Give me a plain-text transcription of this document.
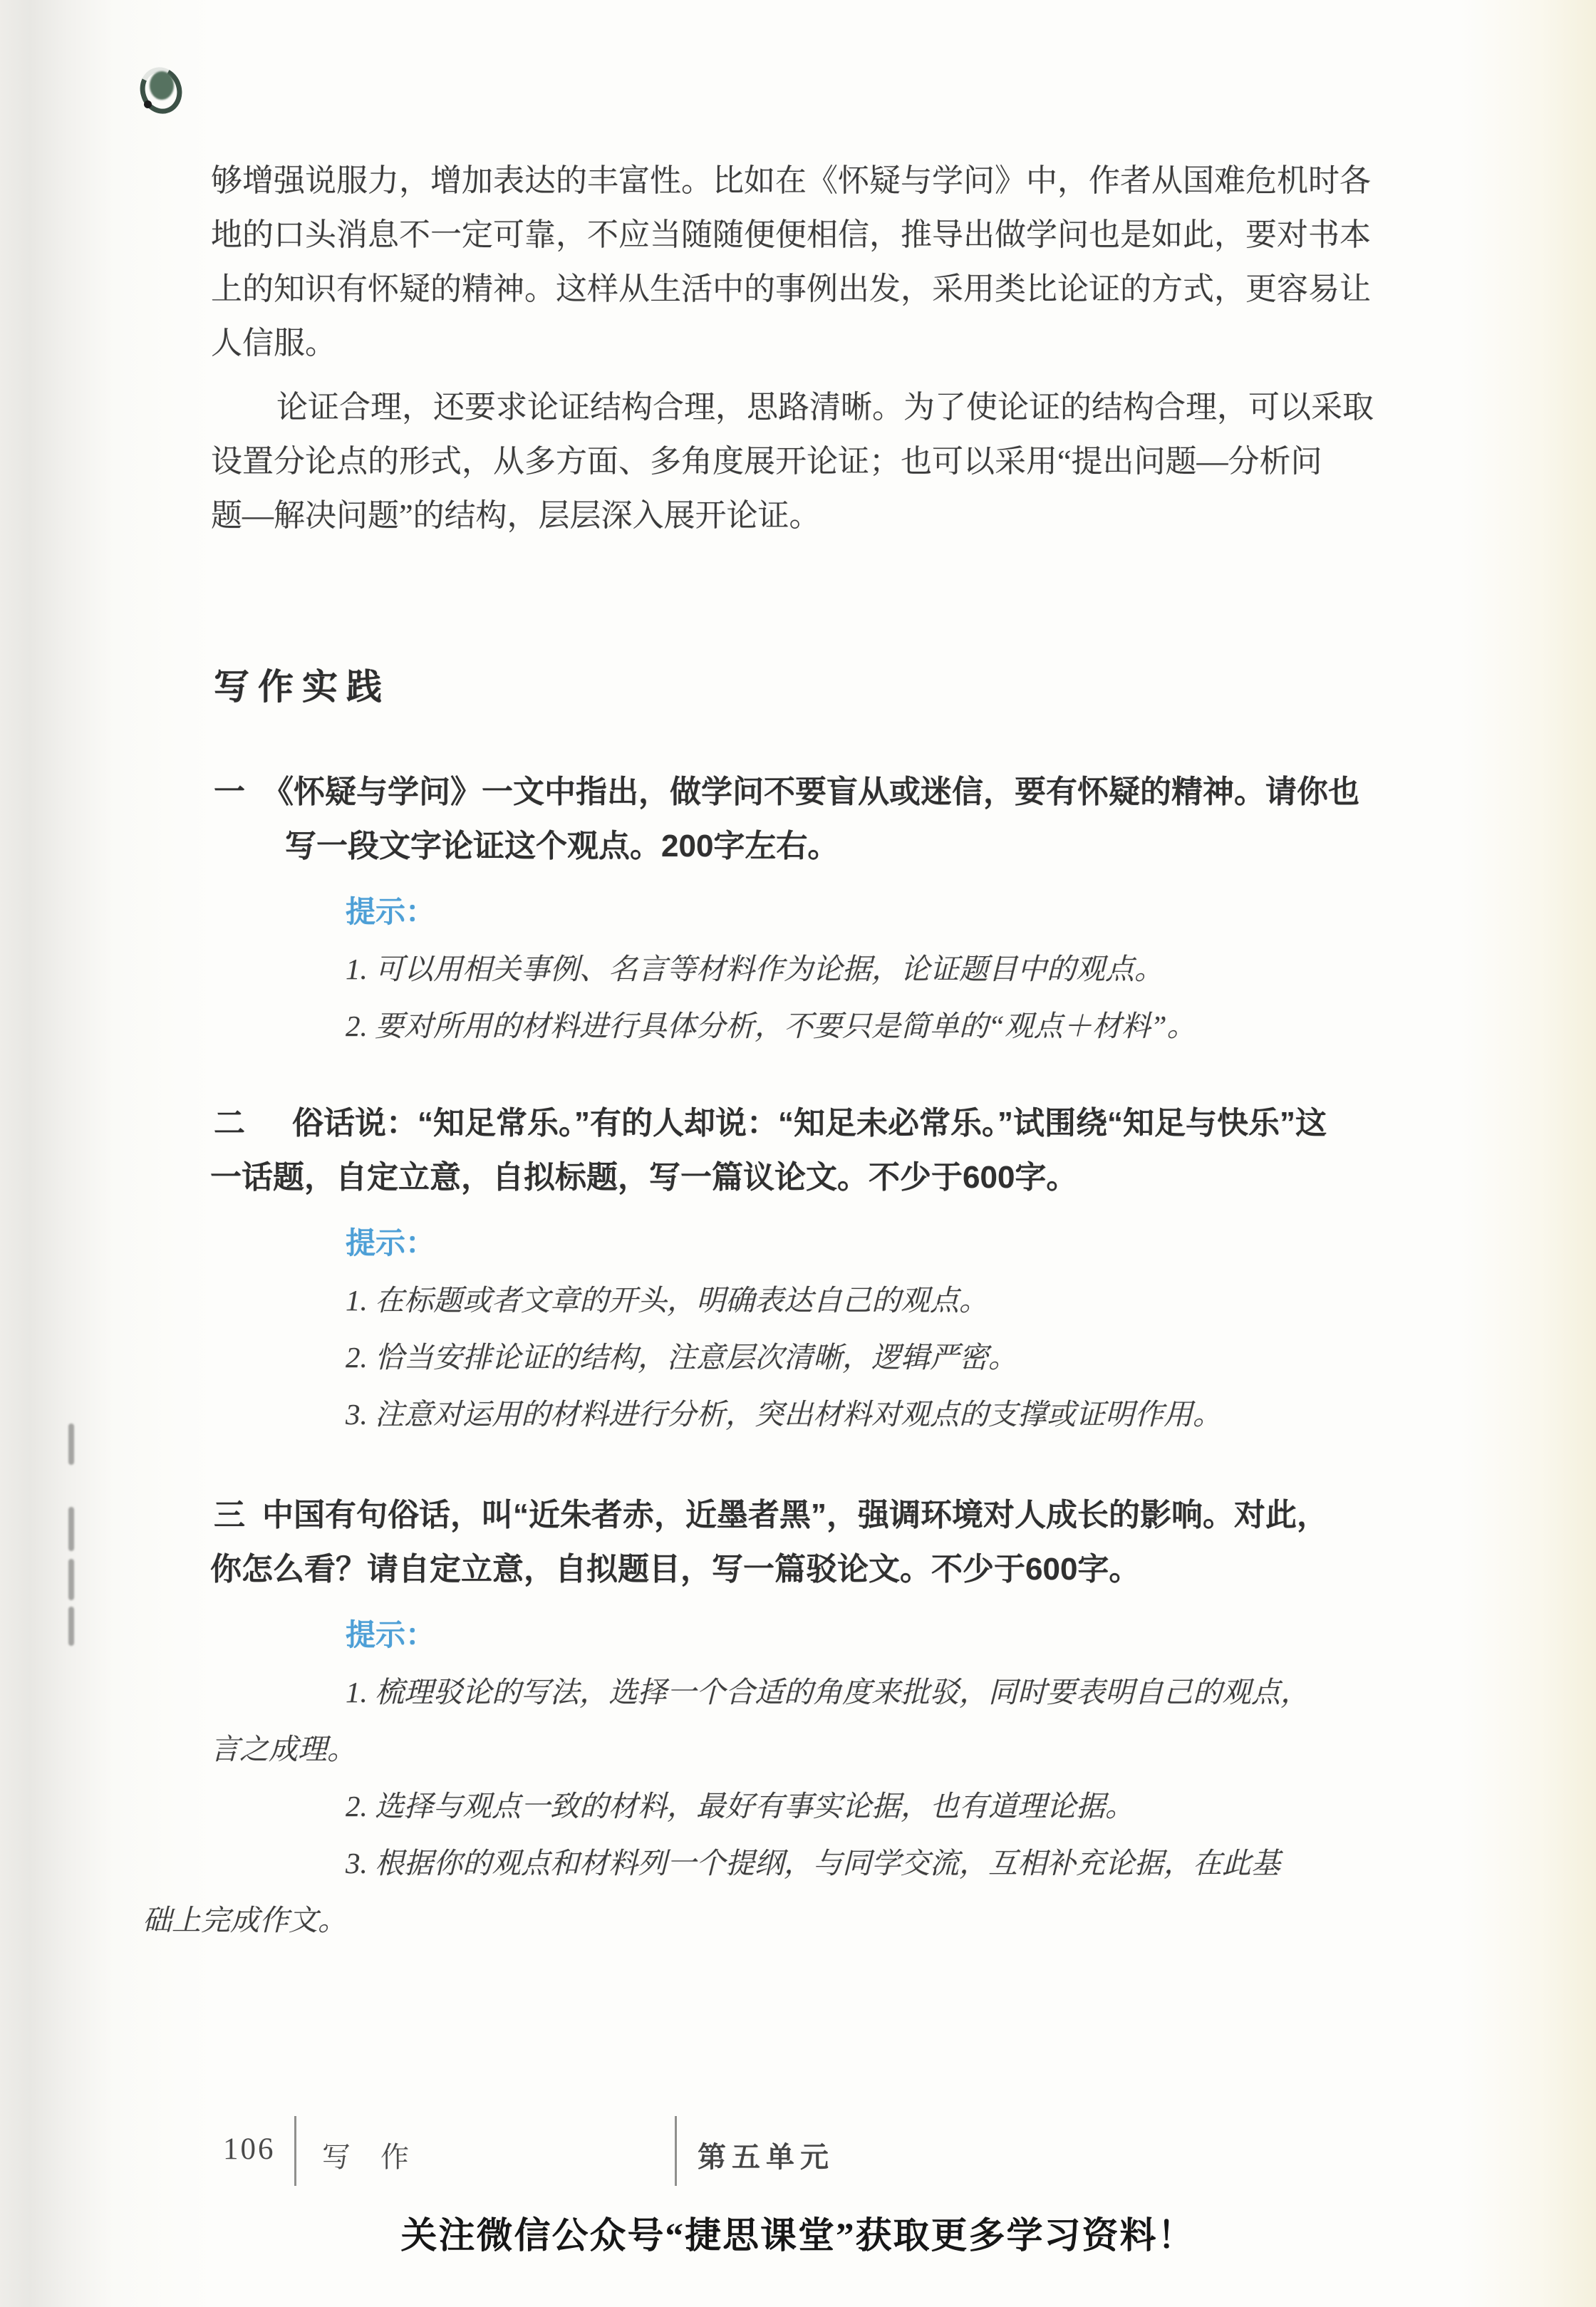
够增强说服力，增加表达的丰富性。比如在《怀疑与学问》中，作者从国难危机时各
地的口头消息不一定可靠，不应当随随便便相信，推导出做学问也是如此，要对书本
上的知识有怀疑的精神。这样从生活中的事例出发，采用类比论证的方式，更容易让
人信服。
论证合理，还要求论证结构合理，思路清晰。为了使论证的结构合理，可以采取
设置分论点的形式，从多方面、多角度展开论证；也可以采用“提出问题—分析问
题—解决问题”的结构，层层深入展开论证。
写作实践
一 《怀疑与学问》一文中指出，做学问不要盲从或迷信，要有怀疑的精神。请你也
写一段文字论证这个观点。200字左右。
提示：
1. 可以用相关事例、名言等材料作为论据，论证题目中的观点。
2. 要对所用的材料进行具体分析，不要只是简单的“观点＋材料”。
二	俗话说：“知足常乐。”有的人却说：“知足未必常乐。”试围绕“知足与快乐”这
一话题，自定立意，自拟标题，写一篇议论文。不少于600字。
提示：
1. 在标题或者文章的开头，明确表达自己的观点。
2. 恰当安排论证的结构，注意层次清晰，逻辑严密。
3. 注意对运用的材料进行分析，突出材料对观点的支撑或证明作用。
三 中国有句俗话，叫“近朱者赤，近墨者黑”，强调环境对人成长的影响。对此，
你怎么看？请自定立意，自拟题目，写一篇驳论文。不少于600字。
提示：
1. 梳理驳论的写法，选择一个合适的角度来批驳，同时要表明自己的观点，
言之成理。
2. 选择与观点一致的材料，最好有事实论据，也有道理论据。
3. 根据你的观点和材料列一个提纲，与同学交流，互相补充论据，在此基
础上完成作文。
106 写 作	第五单元
关注微信公众号“捷思课堂”获取更多学习资料！
